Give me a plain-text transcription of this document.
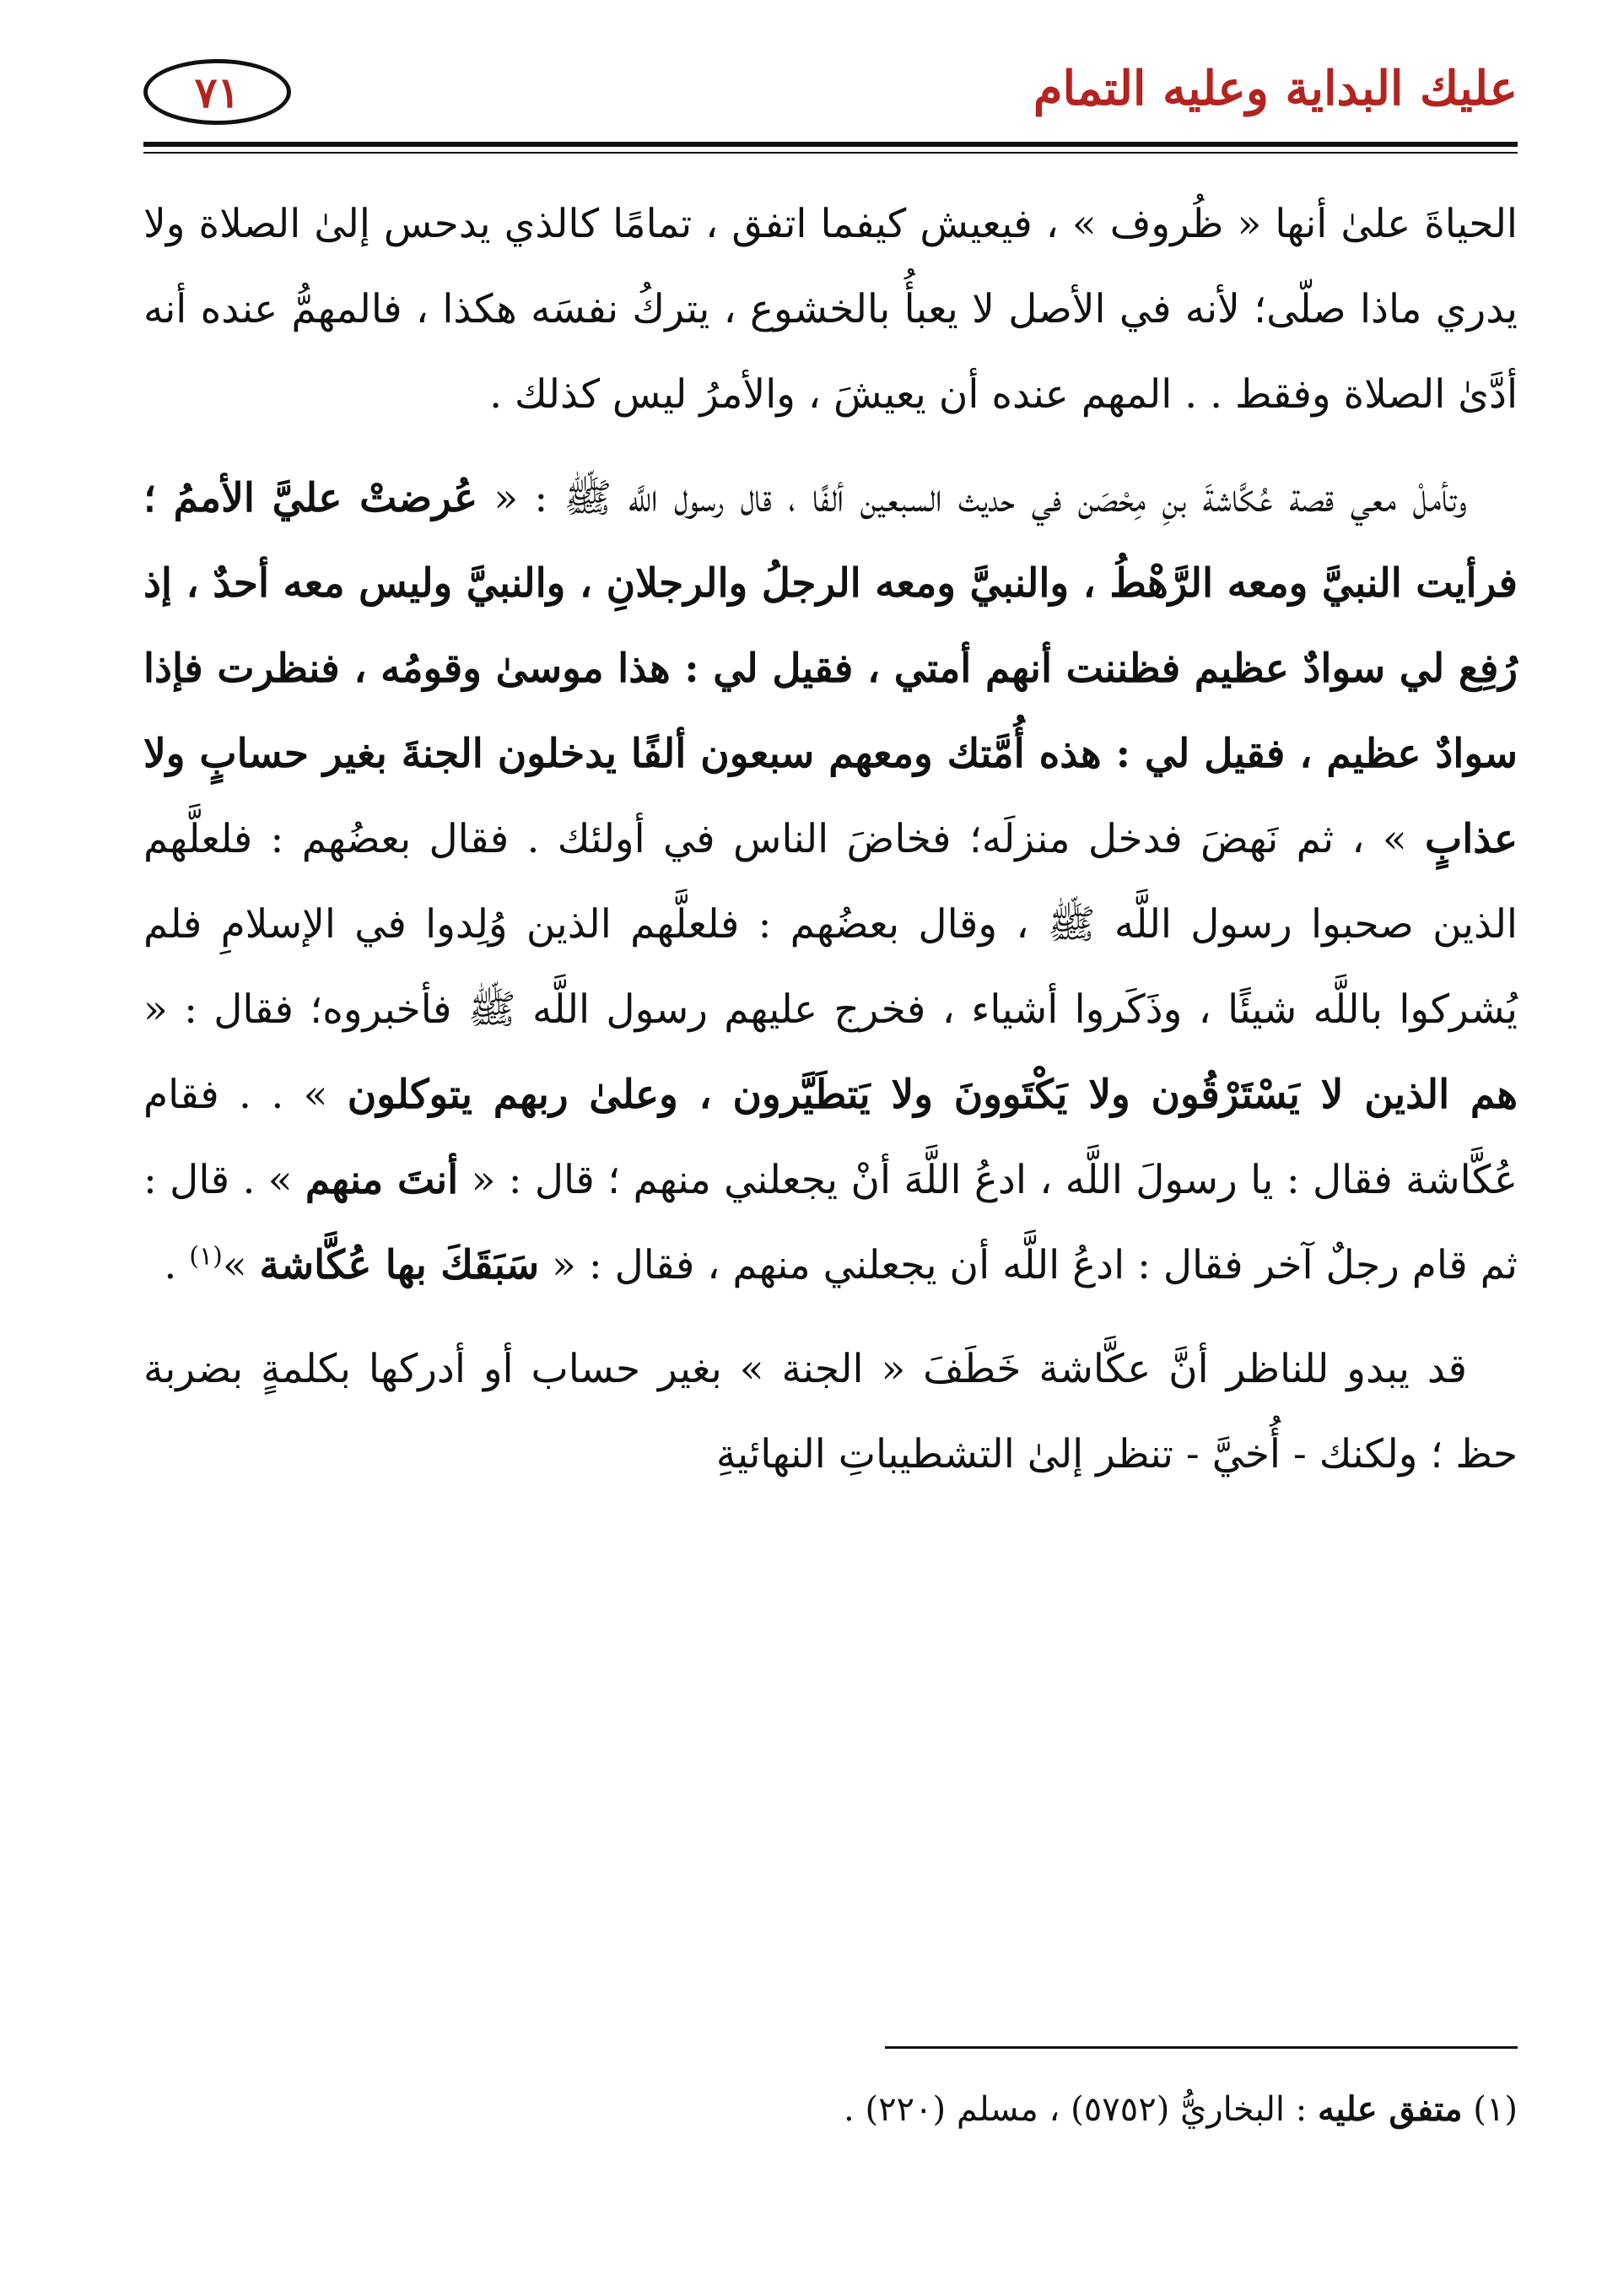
عليك البداية وعليه التمام
٧١

الحياةَ علىٰ أنها « ظُروف » ، فيعيش كيفما اتفق ، تمامًا كالذي يدحس إلىٰ الصلاة ولا يدري ماذا صلّى؛ لأنه في الأصل لا يعبأُ بالخشوع ، يتركُ نفسَه هكذا ، فالمهمُّ عنده أنه أدَّىٰ الصلاة وفقط . . المهم عنده أن يعيشَ ، والأمرُ ليس كذلك .

وتأملْ معي قصة عُكَّاشةَ بنِ مِحْصَن في حديث السبعين ألفًا ، قال رسول اللَّه ﷺ : « عُرضتْ عليَّ الأممُ ؛ فرأيت النبيَّ ومعه الرَّهْطُ ، والنبيَّ ومعه الرجلُ والرجلانِ ، والنبيَّ وليس معه أحدٌ ، إذ رُفِع لي سوادٌ عظيم فظننت أنهم أمتي ، فقيل لي : هذا موسىٰ وقومُه ، فنظرت فإذا سوادٌ عظيم ، فقيل لي : هذه أُمَّتك ومعهم سبعون ألفًا يدخلون الجنةَ بغير حسابٍ ولا عذابٍ » ، ثم نَهضَ فدخل منزلَه؛ فخاضَ الناس في أولئك . فقال بعضُهم : فلعلَّهم الذين صحبوا رسول اللَّه ﷺ ، وقال بعضُهم : فلعلَّهم الذين وُلِدوا في الإسلامِ فلم يُشركوا باللَّه شيئًا ، وذَكَروا أشياء ، فخرج عليهم رسول اللَّه ﷺ فأخبروه؛ فقال : « هم الذين لا يَسْتَرْقُون ولا يَكْتَوونَ ولا يَتطَيَّرون ، وعلىٰ ربهم يتوكلون » . . فقام عُكَّاشة فقال : يا رسولَ اللَّه ، ادعُ اللَّهَ أنْ يجعلني منهم ؛ قال : « أنتَ منهم » . قال : ثم قام رجلٌ آخر فقال : ادعُ اللَّه أن يجعلني منهم ، فقال : « سَبَقَكَ بها عُكَّاشة »$^{(١)}$ .

قد يبدو للناظر أنَّ عكَّاشة خَطَفَ « الجنة » بغير حساب أو أدركها بكلمةٍ بضربة حظ ؛ ولكنك - أُخيَّ - تنظر إلىٰ التشطيباتِ النهائيةِ

(١) متفق عليه : البخاريُّ (٥٧٥٢) ، مسلم (٢٢٠) .
